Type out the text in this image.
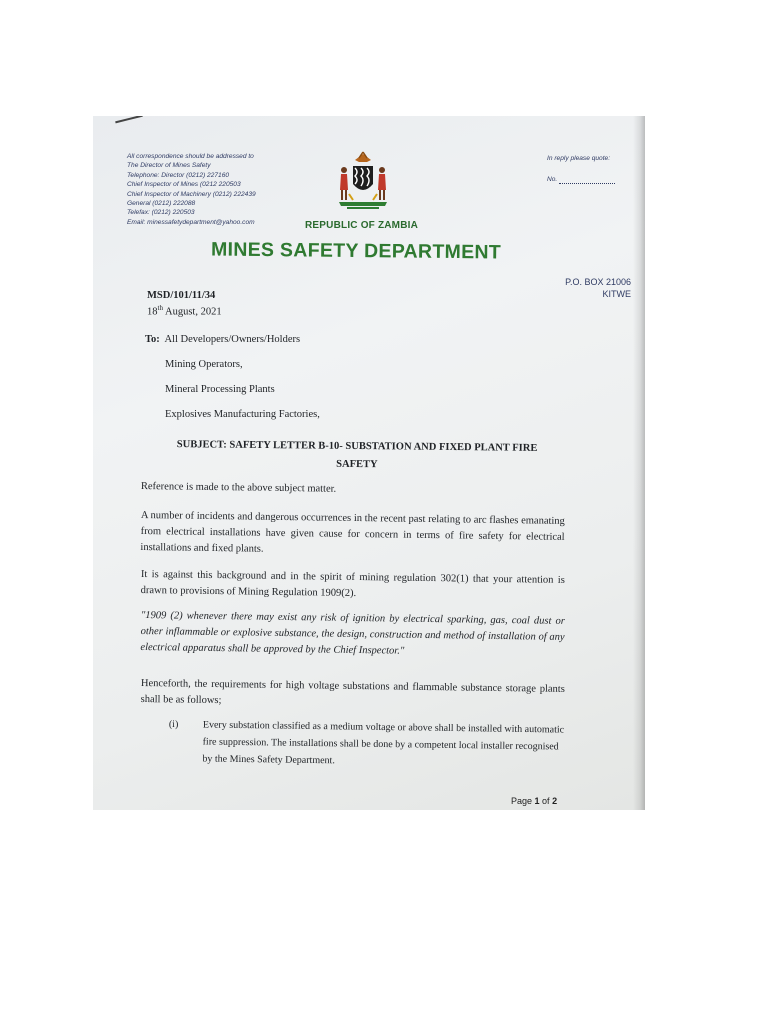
All correspondence should be addressed to
The Director of Mines Safety
Telephone: Director (0212) 227160
Chief Inspector of Mines (0212 220503
Chief Inspector of Machinery (0212) 222439
General (0212) 222088
Telefax: (0212) 220503
Email: minessafetydepartment@yahoo.com	REPUBLIC OF ZAMBIA
MINES SAFETY DEPARTMENT
In reply please quote:
No.
P.O. BOX 21006
KITWE
MSD/101/11/34
18th August, 2021
To: All Developers/Owners/Holders
Mining Operators,
Mineral Processing Plants
Explosives Manufacturing Factories,
SUBJECT: SAFETY LETTER B-10- SUBSTATION AND FIXED PLANT FIRE
SAFETY
Reference is made to the above subject matter.
A number of incidents and dangerous occurrences in the recent past relating to arc flashes emanating from electrical installations have given cause for concern in terms of fire safety for electrical installations and fixed plants.
It is against this background and in the spirit of mining regulation 302(1) that your attention is drawn to provisions of Mining Regulation 1909(2).
"1909 (2) whenever there may exist any risk of ignition by electrical sparking, gas, coal dust or other inflammable or explosive substance, the design, construction and method of installation of any electrical apparatus shall be approved by the Chief Inspector."
Henceforth, the requirements for high voltage substations and flammable substance storage plants shall be as follows;
(i) Every substation classified as a medium voltage or above shall be installed with automatic fire suppression. The installations shall be done by a competent local installer recognised by the Mines Safety Department.
Page 1 of 2
